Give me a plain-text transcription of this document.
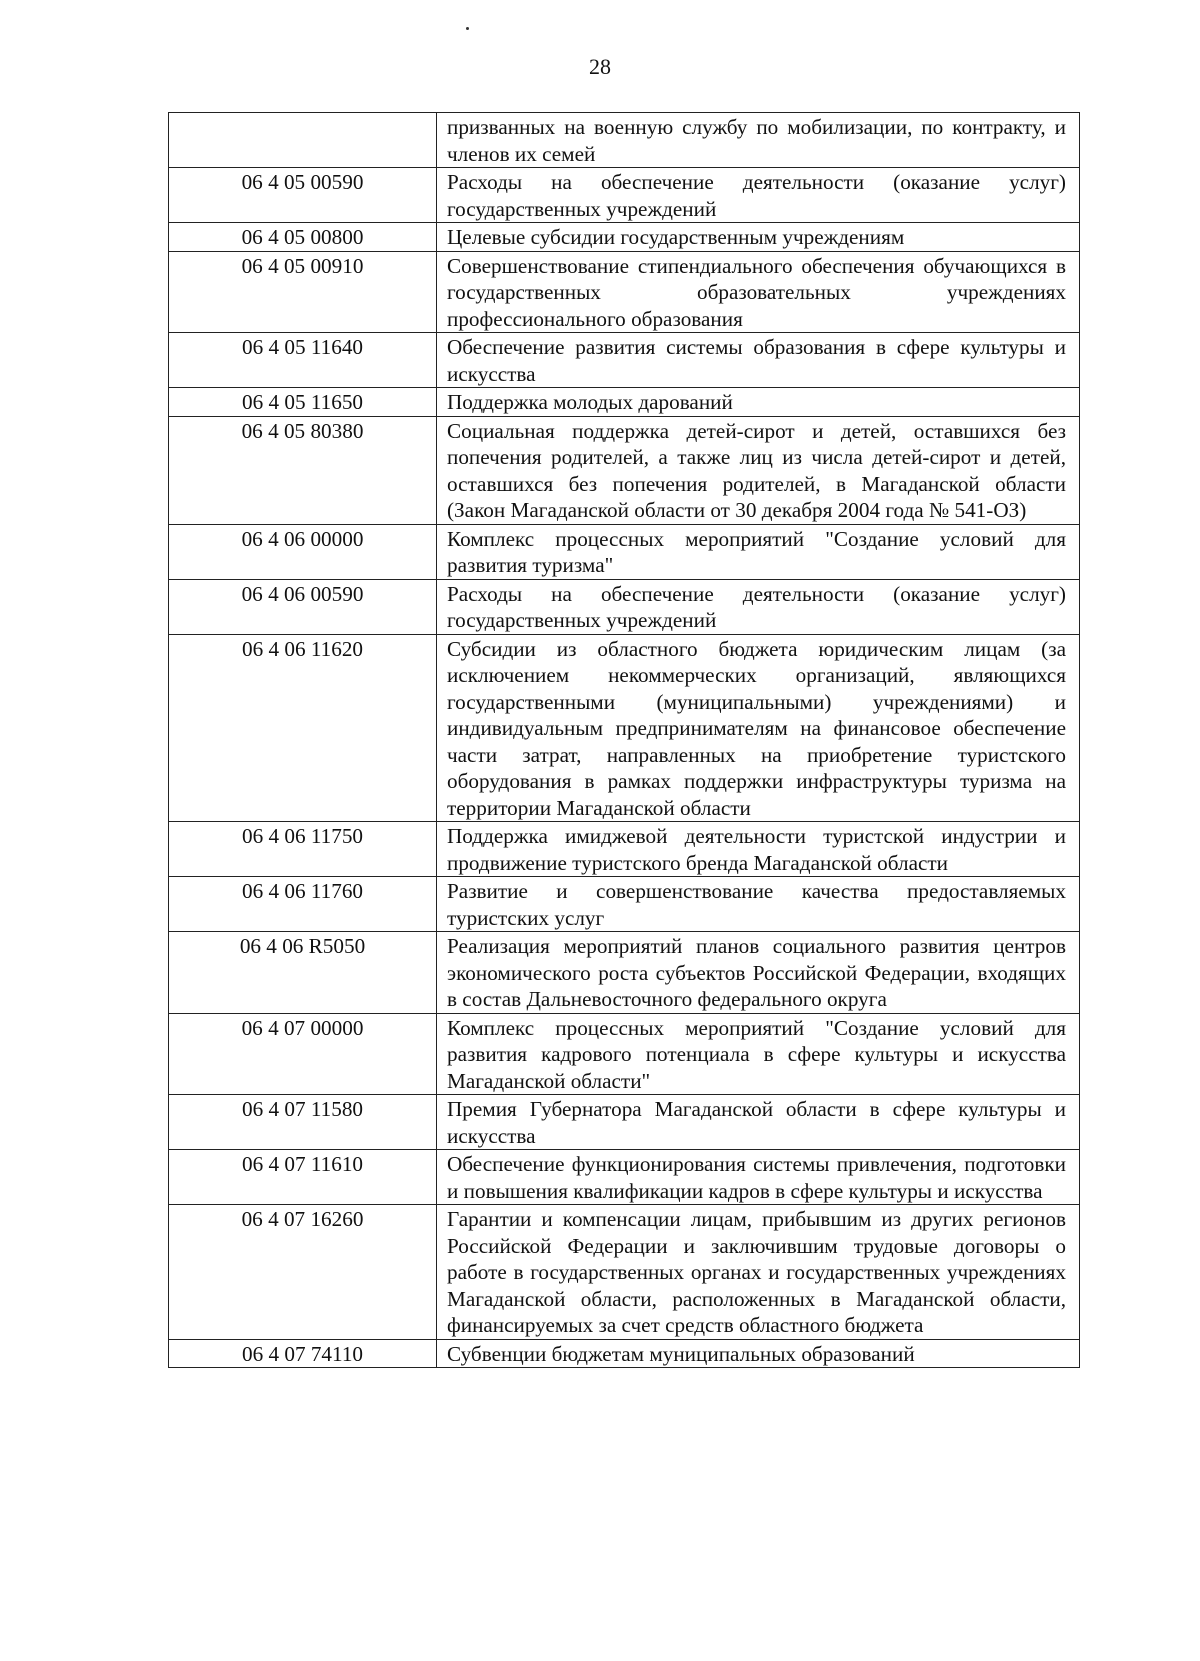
28
	призванных на военную службу по мобилизации, по контракту, и членов их семей
06 4 05 00590	Расходы на обеспечение деятельности (оказание услуг) государственных учреждений
06 4 05 00800	Целевые субсидии государственным учреждениям
06 4 05 00910	Совершенствование стипендиального обеспечения обучающихся в государственных образовательных учреждениях профессионального образования
06 4 05 11640	Обеспечение развития системы образования в сфере культуры и искусства
06 4 05 11650	Поддержка молодых дарований
06 4 05 80380	Социальная поддержка детей-сирот и детей, оставшихся без попечения родителей, а также лиц из числа детей-сирот и детей, оставшихся без попечения родителей, в Магаданской области (Закон Магаданской области от 30 декабря 2004 года № 541-ОЗ)
06 4 06 00000	Комплекс процессных мероприятий "Создание условий для развития туризма"
06 4 06 00590	Расходы на обеспечение деятельности (оказание услуг) государственных учреждений
06 4 06 11620	Субсидии из областного бюджета юридическим лицам (за исключением некоммерческих организаций, являющихся государственными (муниципальными) учреждениями) и индивидуальным предпринимателям на финансовое обеспечение части затрат, направленных на приобретение туристского оборудования в рамках поддержки инфраструктуры туризма на территории Магаданской области
06 4 06 11750	Поддержка имиджевой деятельности туристской индустрии и продвижение туристского бренда Магаданской области
06 4 06 11760	Развитие и совершенствование качества предоставляемых туристских услуг
06 4 06 R5050	Реализация мероприятий планов социального развития центров экономического роста субъектов Российской Федерации, входящих в состав Дальневосточного федерального округа
06 4 07 00000	Комплекс процессных мероприятий "Создание условий для развития кадрового потенциала в сфере культуры и искусства Магаданской области"
06 4 07 11580	Премия Губернатора Магаданской области в сфере культуры и искусства
06 4 07 11610	Обеспечение функционирования системы привлечения, подготовки и повышения квалификации кадров в сфере культуры и искусства
06 4 07 16260	Гарантии и компенсации лицам, прибывшим из других регионов Российской Федерации и заключившим трудовые договоры о работе в государственных органах и государственных учреждениях Магаданской области, расположенных в Магаданской области, финансируемых за счет средств областного бюджета
06 4 07 74110	Субвенции бюджетам муниципальных образований
